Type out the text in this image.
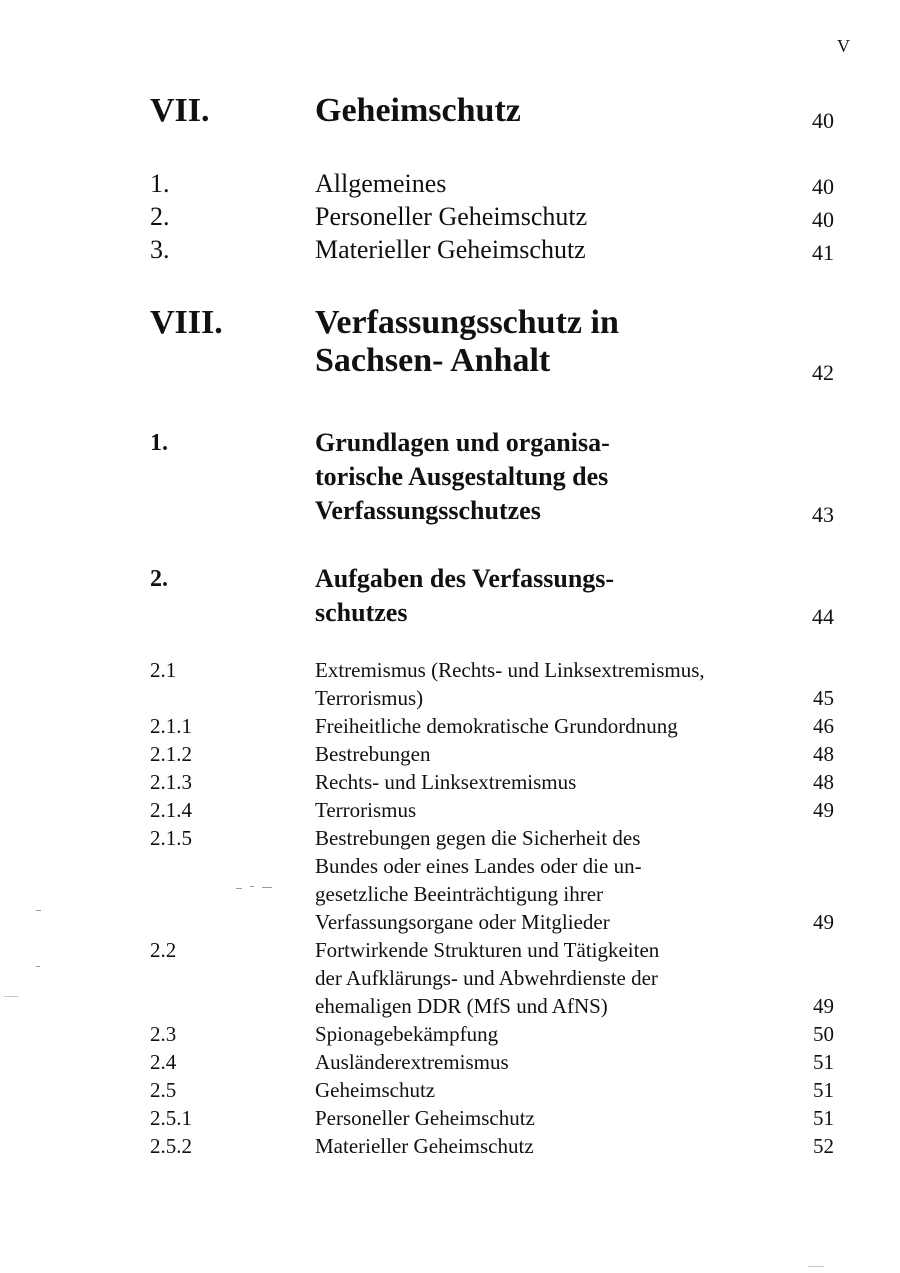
V
VII.	Geheimschutz	40
1.	Allgemeines	40
2.	Personeller Geheimschutz	40
3.	Materieller Geheimschutz	41
VIII.	Verfassungsschutz in
Sachsen- Anhalt	42
1.	Grundlagen und organisa-
torische Ausgestaltung des
Verfassungsschutzes	43
2.	Aufgaben des Verfassungs-
schutzes	44
2.1	Extremismus (Rechts- und Linksextremismus,
Terrorismus)	45
2.1.1	Freiheitliche demokratische Grundordnung	46
2.1.2	Bestrebungen	48
2.1.3	Rechts- und Linksextremismus	48
2.1.4	Terrorismus	49
2.1.5	Bestrebungen gegen die Sicherheit des
Bundes oder eines Landes oder die un-
gesetzliche Beeinträchtigung ihrer
Verfassungsorgane oder Mitglieder	49
2.2	Fortwirkende Strukturen und Tätigkeiten
der Aufklärungs- und Abwehrdienste der
ehemaligen DDR (MfS und AfNS)	49
2.3	Spionagebekämpfung	50
2.4	Ausländerextremismus	51
2.5	Geheimschutz	51
2.5.1	Personeller Geheimschutz	51
2.5.2	Materieller Geheimschutz	52
